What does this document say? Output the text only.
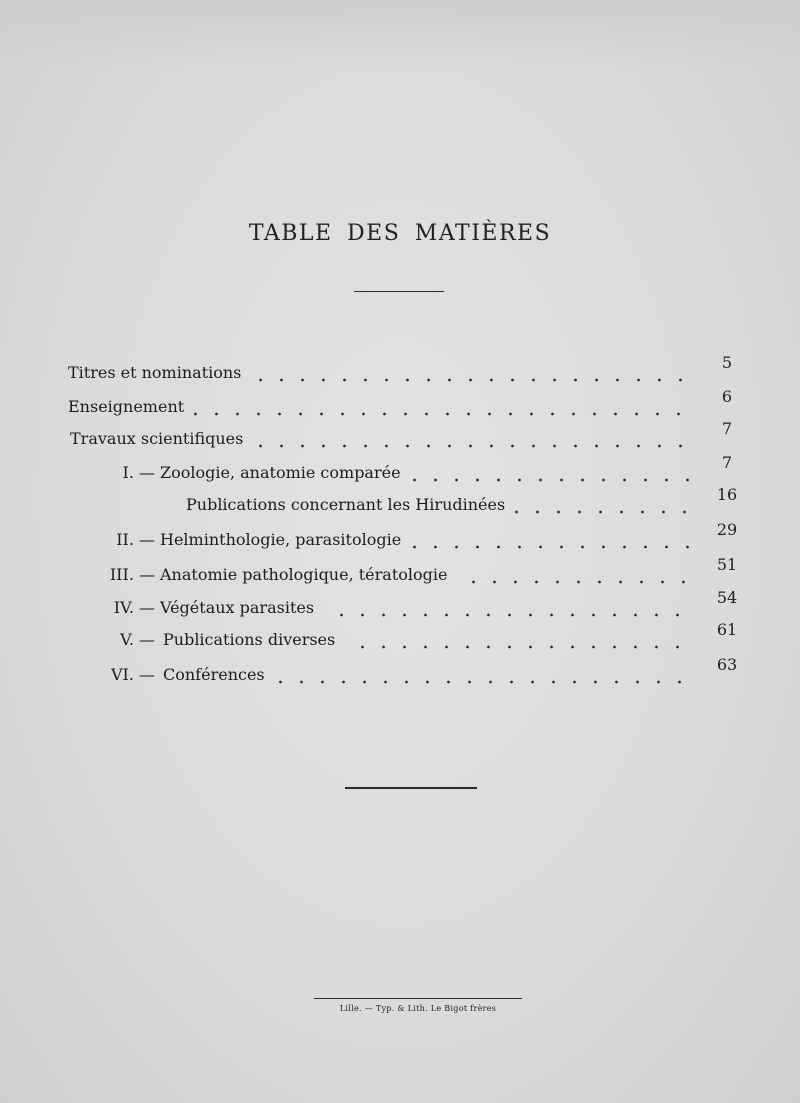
TABLE DES MATIÈRES
Titres et nominations
5
Enseignement
6
Travaux scientifiques
7
I. — Zoologie, anatomie comparée
7
Publications concernant les Hirudinées
16
II. — Helminthologie, parasitologie
29
III. — Anatomie pathologique, tératologie
51
IV. — Végétaux parasites
54
V. — Publications diverses
61
VI. — Conférences
63
Lille. — Typ. & Lith. Le Bigot frères
